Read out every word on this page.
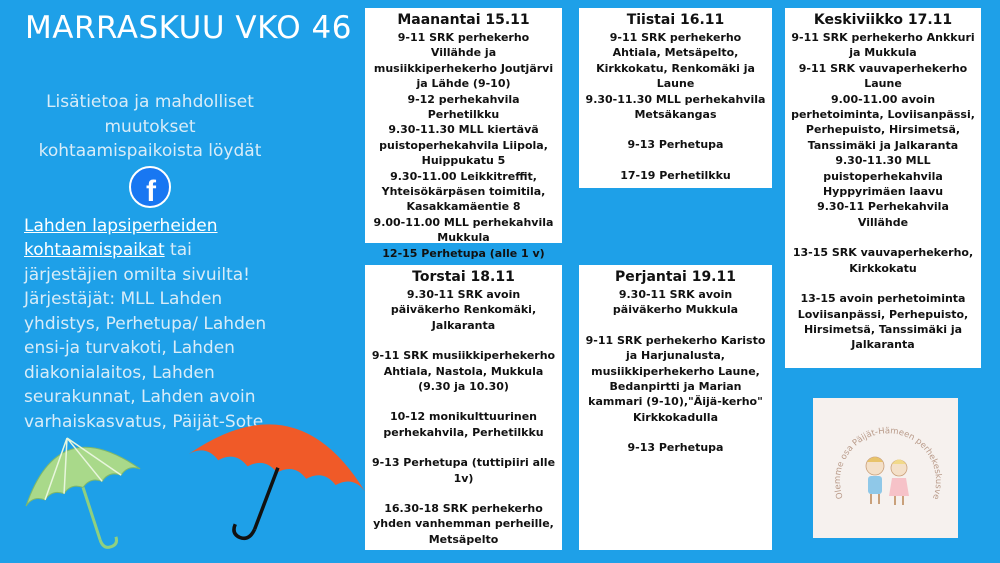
MARRASKUU VKO 46

Lisätietoa ja mahdolliset muutokset kohtaamispaikoista löydät

f

Lahden lapsiperheiden kohtaamispaikat tai järjestäjien omilta sivuilta!

Järjestäjät: MLL Lahden yhdistys, Perhetupa/ Lahden ensi-ja turvakoti, Lahden diakonialaitos, Lahden seurakunnat, Lahden avoin varhaiskasvatus, Päijät-Sote

Maanantai 15.11
9-11 SRK perhekerho Villähde ja musiikkiperhekerho Joutjärvi ja Lähde (9-10)
9-12 perhekahvila Perhetilkku
9.30-11.30 MLL kiertävä puistoperhekahvila Liipola, Huippukatu 5
9.30-11.00 Leikkitreffit, Yhteisökärpäsen toimitila, Kasakkamäentie 8
9.00-11.00 MLL perhekahvila Mukkula
12-15 Perhetupa (alle 1 v)
Tiistai 16.11
9-11 SRK perhekerho Ahtiala, Metsäpelto, Kirkkokatu, Renkomäki ja Laune
9.30-11.30 MLL perhekahvila Metsäkangas
9-13 Perhetupa
17-19 Perhetilkku
Keskiviikko 17.11
9-11 SRK perhekerho Ankkuri ja Mukkula
9-11 SRK vauvaperhekerho Laune
9.00-11.00 avoin perhetoiminta, Loviisanpässi, Perhepuisto, Hirsimetsä, Tanssimäki ja Jalkaranta
9.30-11.30 MLL puistoperhekahvila Hyppyrimäen laavu
9.30-11 Perhekahvila Villähde
13-15 SRK vauvaperhekerho, Kirkkokatu
13-15 avoin perhetoiminta Loviisanpässi, Perhepuisto, Hirsimetsä, Tanssimäki ja Jalkaranta
Torstai 18.11
9.30-11 SRK avoin päiväkerho Renkomäki, Jalkaranta
9-11 SRK musiikkiperhekerho Ahtiala, Nastola, Mukkula (9.30 ja 10.30)
10-12 monikulttuurinen perhekahvila, Perhetilkku
9-13 Perhetupa (tuttipiiri alle 1v)
16.30-18 SRK perhekerho yhden vanhemman perheille, Metsäpelto
Perjantai 19.11
9.30-11 SRK avoin päiväkerho Mukkula
9-11 SRK perhekerho Karisto ja Harjunalusta, musiikkiperhekerho Laune, Bedanpirtti ja Marian kammari (9-10),"Äijä-kerho" Kirkkokadulla
9-13 Perhetupa
Olemme osa Päijät-Hämeen perhekeskusve
